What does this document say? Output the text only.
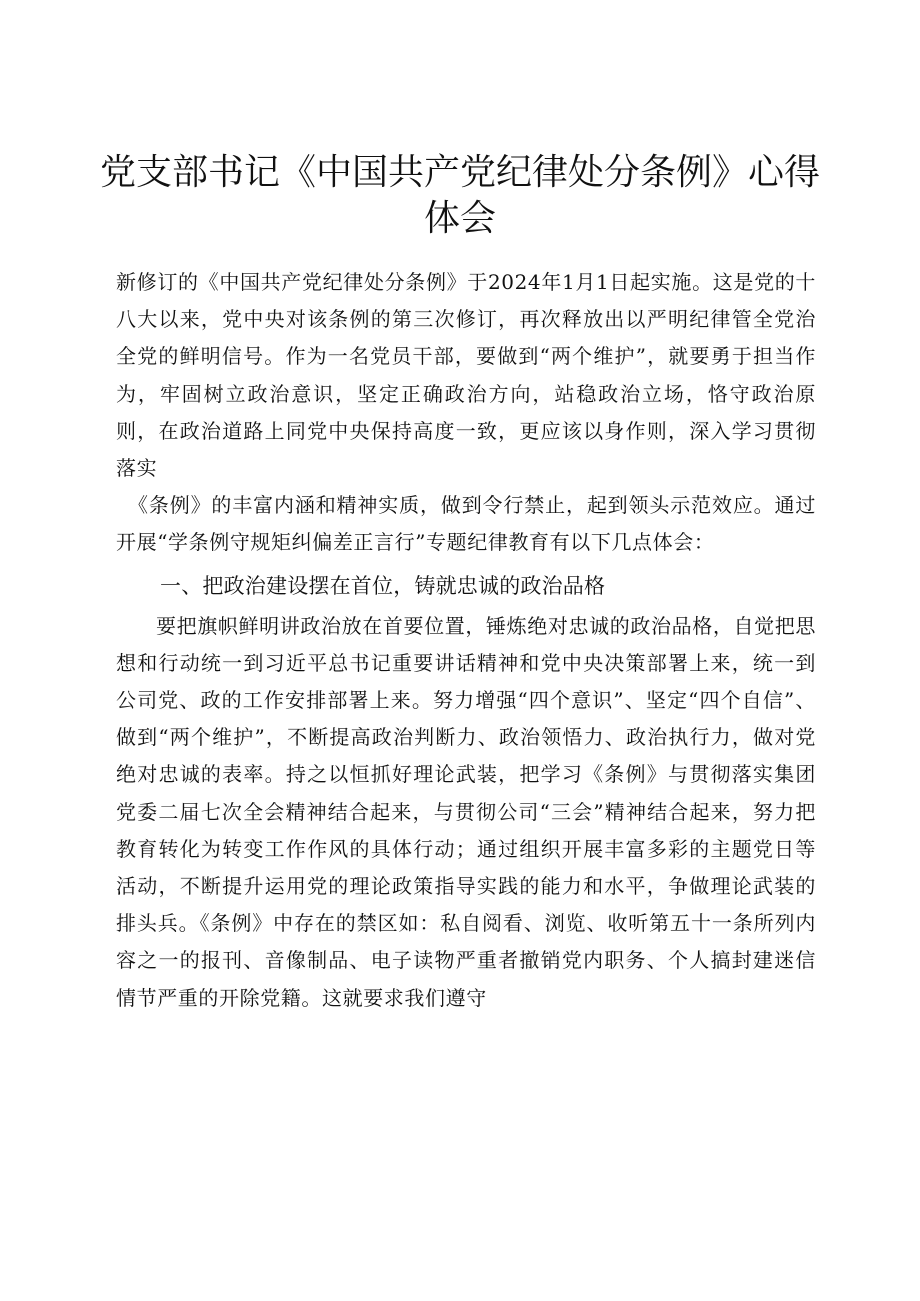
党支部书记《中国共产党纪律处分条例》心得体会

新修订的《中国共产党纪律处分条例》于2024年1月1日起实施。这是党的十八大以来，党中央对该条例的第三次修订，再次释放出以严明纪律管全党治全党的鲜明信号。作为一名党员干部，要做到“两个维护”，就要勇于担当作为，牢固树立政治意识，坚定正确政治方向，站稳政治立场，恪守政治原则，在政治道路上同党中央保持高度一致，更应该以身作则，深入学习贯彻落实

《条例》的丰富内涵和精神实质，做到令行禁止，起到领头示范效应。通过开展“学条例守规矩纠偏差正言行”专题纪律教育有以下几点体会：

一、把政治建设摆在首位，铸就忠诚的政治品格

要把旗帜鲜明讲政治放在首要位置，锤炼绝对忠诚的政治品格，自觉把思想和行动统一到习近平总书记重要讲话精神和党中央决策部署上来，统一到公司党、政的工作安排部署上来。努力增强“四个意识”、坚定“四个自信”、做到“两个维护”，不断提高政治判断力、政治领悟力、政治执行力，做对党绝对忠诚的表率。持之以恒抓好理论武装，把学习《条例》与贯彻落实集团党委二届七次全会精神结合起来，与贯彻公司“三会”精神结合起来，努力把教育转化为转变工作作风的具体行动；通过组织开展丰富多彩的主题党日等活动，不断提升运用党的理论政策指导实践的能力和水平，争做理论武装的排头兵。《条例》中存在的禁区如：私自阅看、浏览、收听第五十一条所列内容之一的报刊、音像制品、电子读物严重者撤销党内职务、个人搞封建迷信情节严重的开除党籍。这就要求我们遵守
